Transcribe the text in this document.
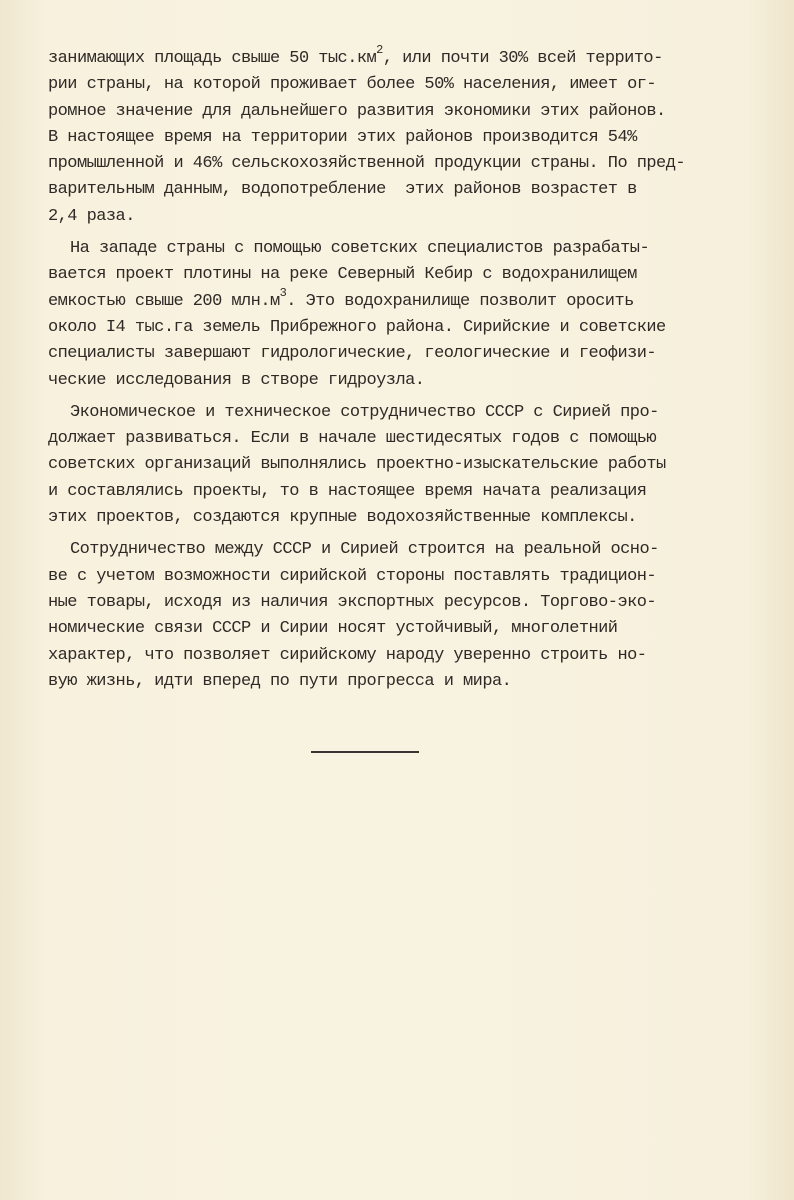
занимающих площадь свыше 50 $тыс.км^2$, или почти 30% всей террито-
рии страны, на которой проживает более 50% населения, имеет ог-
ромное значение для дальнейшего развития экономики этих районов.
В настоящее время на территории этих районов производится 54%
промышленной и 46% сельскохозяйственной продукции страны. По пред-
варительным данным, водопотребление  этих районов возрастет в
2,4 раза.
На западе страны с помощью советских специалистов разрабаты-
вается проект плотины на реке Северный Кебир с водохранилищем
емкостью свыше 200 $млн.м^3$. Это водохранилище позволит оросить
около I4 тыс.га земель Прибрежного района. Сирийские и советские
специалисты завершают гидрологические, геологические и геофизи-
ческие исследования в створе гидроузла.
Экономическое и техническое сотрудничество СССР с Сирией про-
должает развиваться. Если в начале шестидесятых годов с помощью
советских организаций выполнялись проектно-изыскательские работы
и составлялись проекты, то в настоящее время начата реализация
этих проектов, создаются крупные водохозяйственные комплексы.
Сотрудничество между СССР и Сирией строится на реальной осно-
ве с учетом возможности сирийской стороны поставлять традицион-
ные товары, исходя из наличия экспортных ресурсов. Торгово-эко-
номические связи СССР и Сирии носят устойчивый, многолетний
характер, что позволяет сирийскому народу уверенно строить но-
вую жизнь, идти вперед по пути прогресса и мира.
